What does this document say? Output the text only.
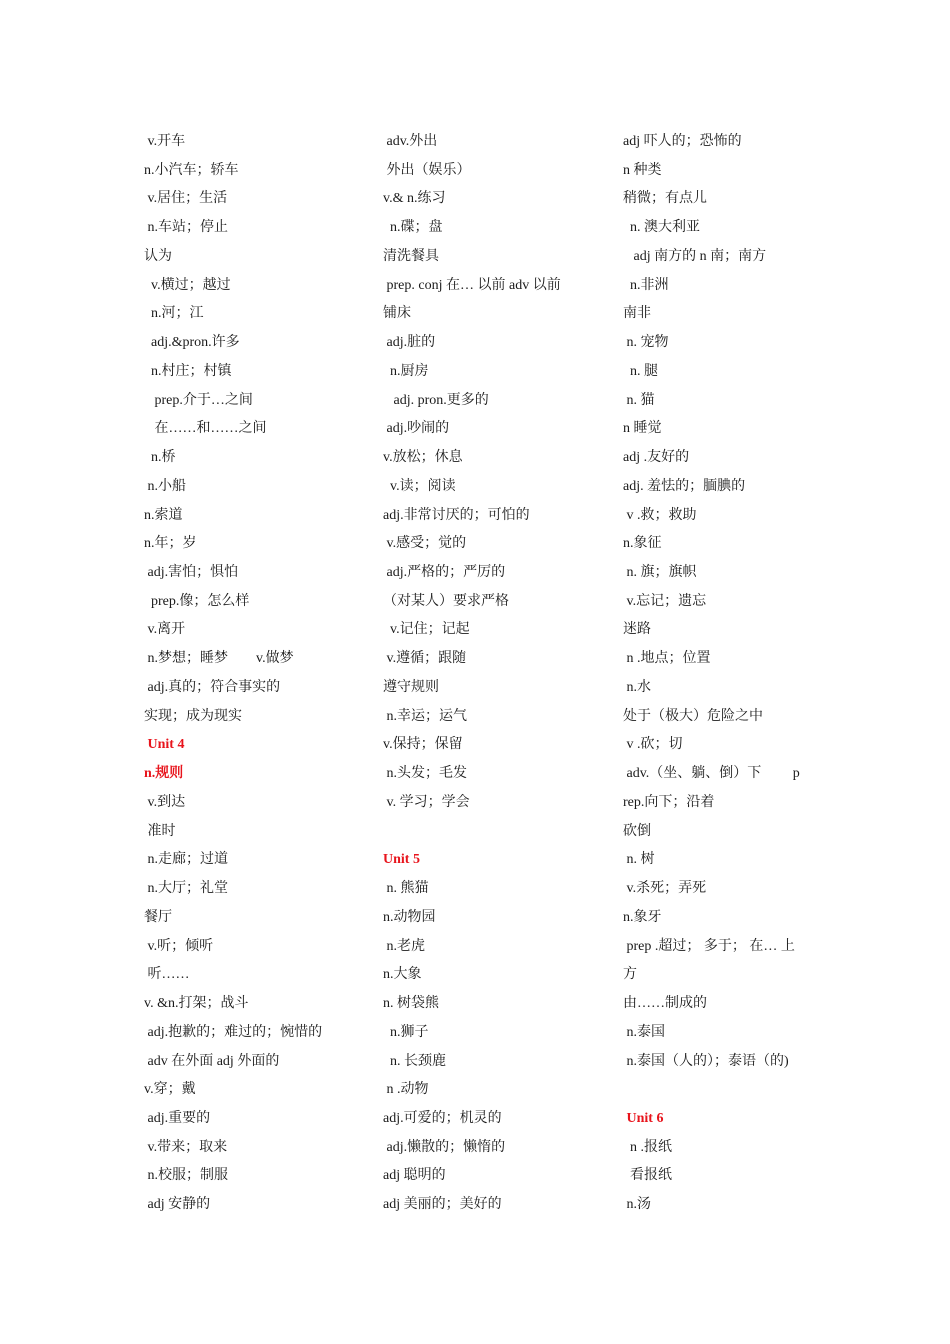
v.开车
n.小汽车；轿车
v.居住；生活
n.车站；停止
认为
v.横过；越过
n.河；江
adj.&pron.许多
n.村庄；村镇
prep.介于…之间
在……和……之间
n.桥
n.小船
n.索道
n.年；岁
adj.害怕；惧怕
prep.像；怎么样
v.离开
n.梦想；睡梦        v.做梦
adj.真的；符合事实的
实现；成为现实
Unit 4
n.规则
v.到达
准时
n.走廊；过道
n.大厅；礼堂
餐厅
v.听；倾听
听……
v. &n.打架；战斗
adj.抱歉的；难过的；惋惜的
adv 在外面 adj 外面的
v.穿；戴
adj.重要的
v.带来；取来
n.校服；制服
adj 安静的
adv.外出
外出（娱乐）
v.& n.练习
n.碟；盘
清洗餐具
prep. conj 在… 以前 adv 以前
铺床
adj.脏的
n.厨房
adj. pron.更多的
adj.吵闹的
v.放松；休息
v.读；阅读
adj.非常讨厌的；可怕的
v.感受；觉的
adj.严格的；严厉的
（对某人）要求严格
v.记住；记起
v.遵循；跟随
遵守规则
n.幸运；运气
v.保持；保留
n.头发；毛发
v. 学习；学会
Unit 5
n. 熊猫
n.动物园
n.老虎
n.大象
n. 树袋熊
n.狮子
n. 长颈鹿
n .动物
adj.可爱的；机灵的
adj.懒散的；懒惰的
adj 聪明的
adj 美丽的；美好的
adj 吓人的；恐怖的
n 种类
稍微；有点儿
n. 澳大利亚
adj 南方的 n 南；南方
n.非洲
南非
n. 宠物
n. 腿
n. 猫
n 睡觉
adj .友好的
adj. 羞怯的；腼腆的
v .救；救助
n.象征
n. 旗；旗帜
v.忘记；遗忘
迷路
n .地点；位置
n.水
处于（极大）危险之中
v .砍；切
adv.（坐、躺、倒）下         p
rep.向下；沿着
砍倒
n. 树
v.杀死；弄死
n.象牙
prep .超过； 多于； 在… 上
方
由……制成的
n.泰国
n.泰国（人的）；泰语（的)
Unit 6
n .报纸
看报纸
n.汤
